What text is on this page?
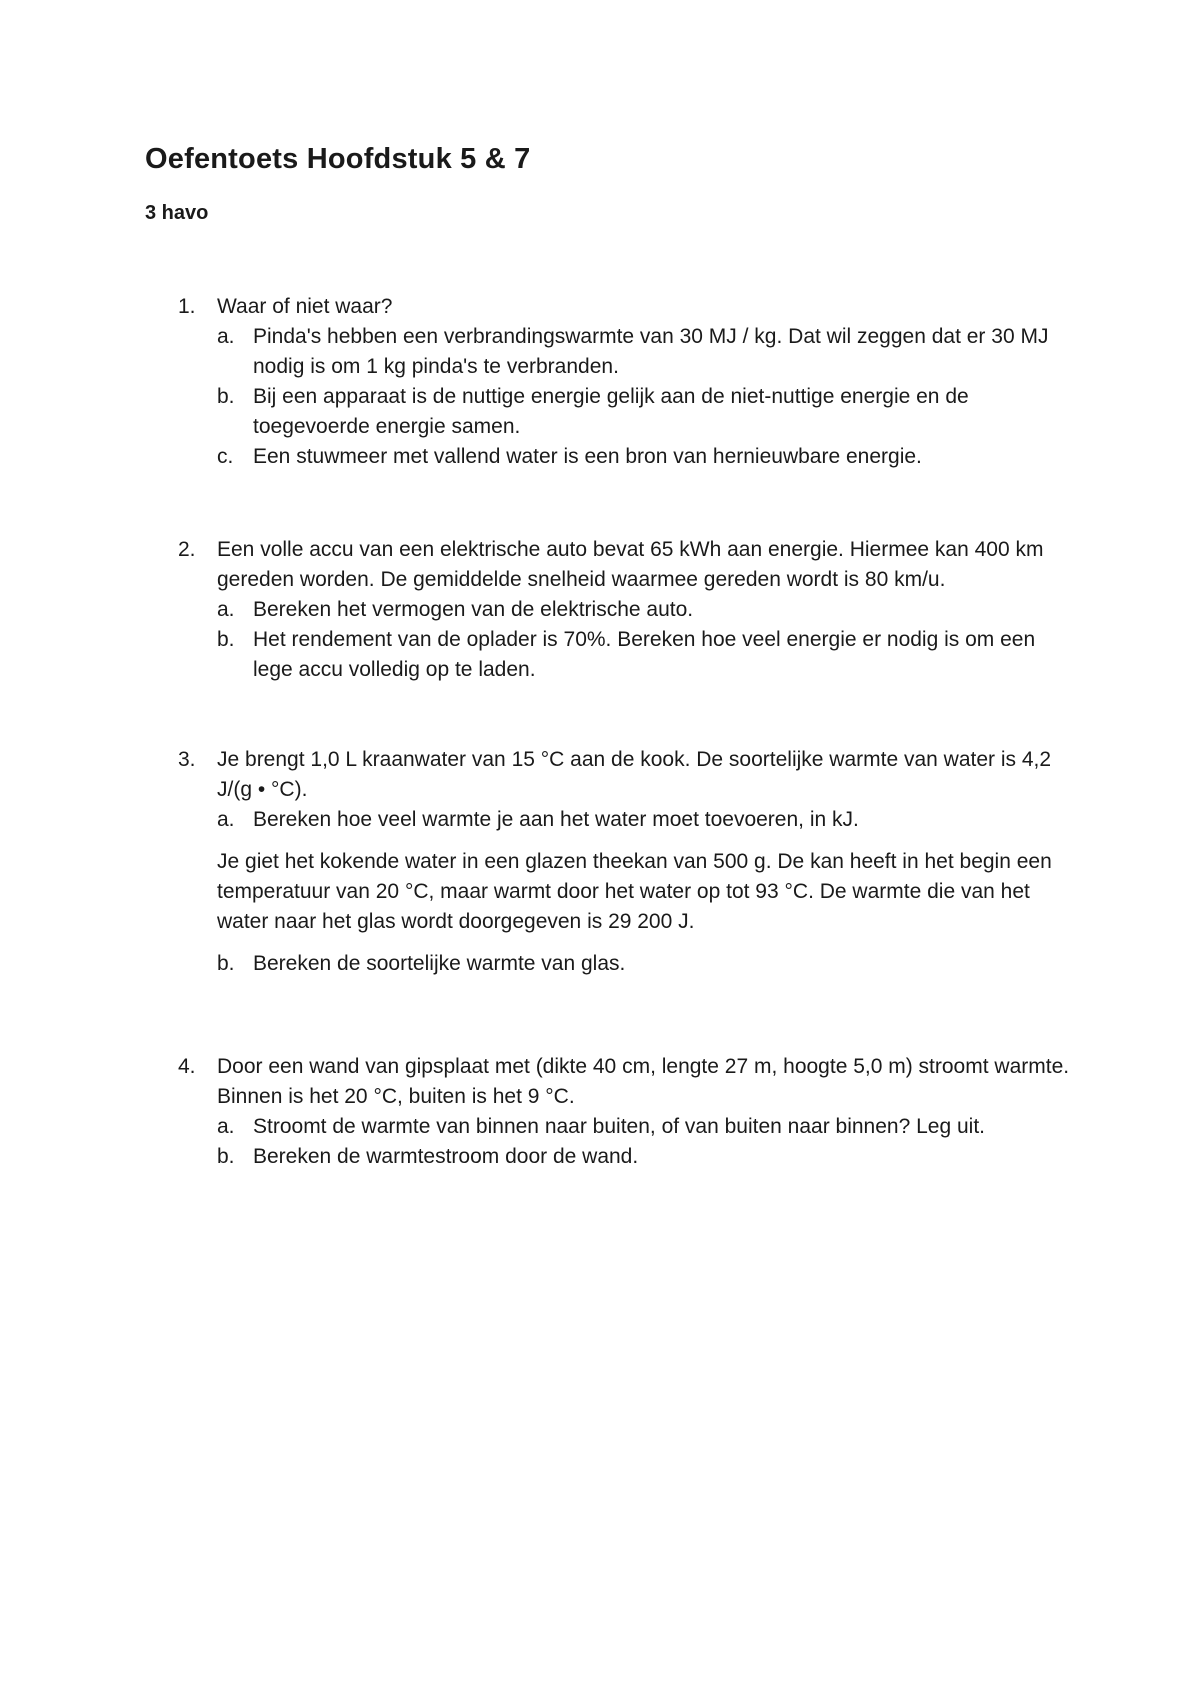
Oefentoets Hoofdstuk 5 & 7
3 havo
1.	Waar of niet waar?
a. Pinda's hebben een verbrandingswarmte van 30 MJ / kg. Dat wil zeggen dat er 30 MJ nodig is om 1 kg pinda's te verbranden.
b. Bij een apparaat is de nuttige energie gelijk aan de niet-nuttige energie en de toegevoerde energie samen.
c. Een stuwmeer met vallend water is een bron van hernieuwbare energie.
2.	Een volle accu van een elektrische auto bevat 65 kWh aan energie. Hiermee kan 400 km gereden worden. De gemiddelde snelheid waarmee gereden wordt is 80 km/u.
a. Bereken het vermogen van de elektrische auto.
b. Het rendement van de oplader is 70%. Bereken hoe veel energie er nodig is om een lege accu volledig op te laden.
3.	Je brengt 1,0 L kraanwater van 15 °C aan de kook. De soortelijke warmte van water is 4,2 J/(g • °C).
a. Bereken hoe veel warmte je aan het water moet toevoeren, in kJ.
Je giet het kokende water in een glazen theekan van 500 g. De kan heeft in het begin een temperatuur van 20 °C, maar warmt door het water op tot 93 °C. De warmte die van het water naar het glas wordt doorgegeven is 29 200 J.
b. Bereken de soortelijke warmte van glas.
4.	Door een wand van gipsplaat met (dikte 40 cm, lengte 27 m, hoogte 5,0 m) stroomt warmte. Binnen is het 20 °C, buiten is het 9 °C.
a. Stroomt de warmte van binnen naar buiten, of van buiten naar binnen? Leg uit.
b. Bereken de warmtestroom door de wand.
